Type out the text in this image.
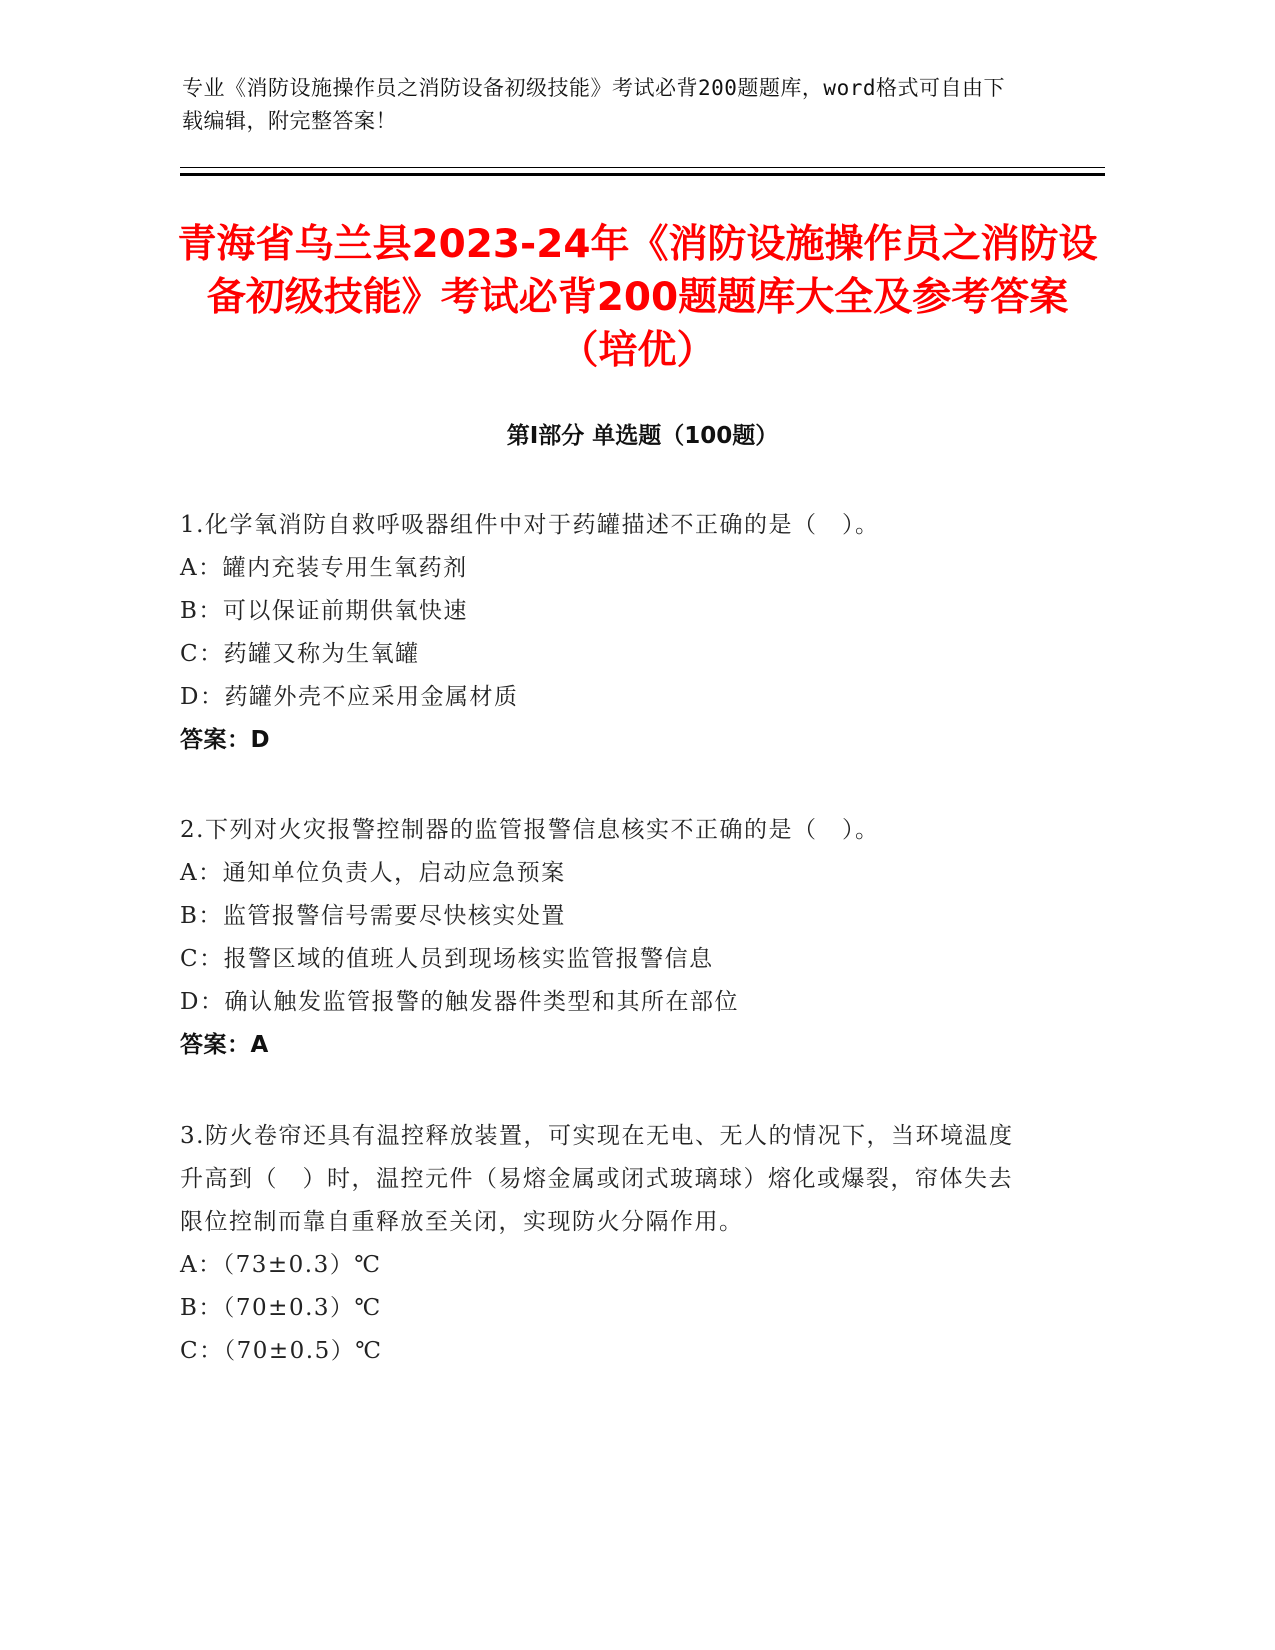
专业《消防设施操作员之消防设备初级技能》考试必背200题题库，word格式可自由下载编辑，附完整答案！
青海省乌兰县2023-24年《消防设施操作员之消防设备初级技能》考试必背200题题库大全及参考答案（培优）
第Ⅰ部分 单选题（100题）

1.化学氧消防自救呼吸器组件中对于药罐描述不正确的是（　）。

A：罐内充装专用生氧药剂

B：可以保证前期供氧快速

C：药罐又称为生氧罐

D：药罐外壳不应采用金属材质

答案：D

2.下列对火灾报警控制器的监管报警信息核实不正确的是（　）。

A：通知单位负责人，启动应急预案

B：监管报警信号需要尽快核实处置

C：报警区域的值班人员到现场核实监管报警信息

D：确认触发监管报警的触发器件类型和其所在部位

答案：A

3.防火卷帘还具有温控释放装置，可实现在无电、无人的情况下，当环境温度升高到（　）时，温控元件（易熔金属或闭式玻璃球）熔化或爆裂，帘体失去限位控制而靠自重释放至关闭，实现防火分隔作用。

A：（73±0.3）℃

B：（70±0.3）℃

C：（70±0.5）℃
